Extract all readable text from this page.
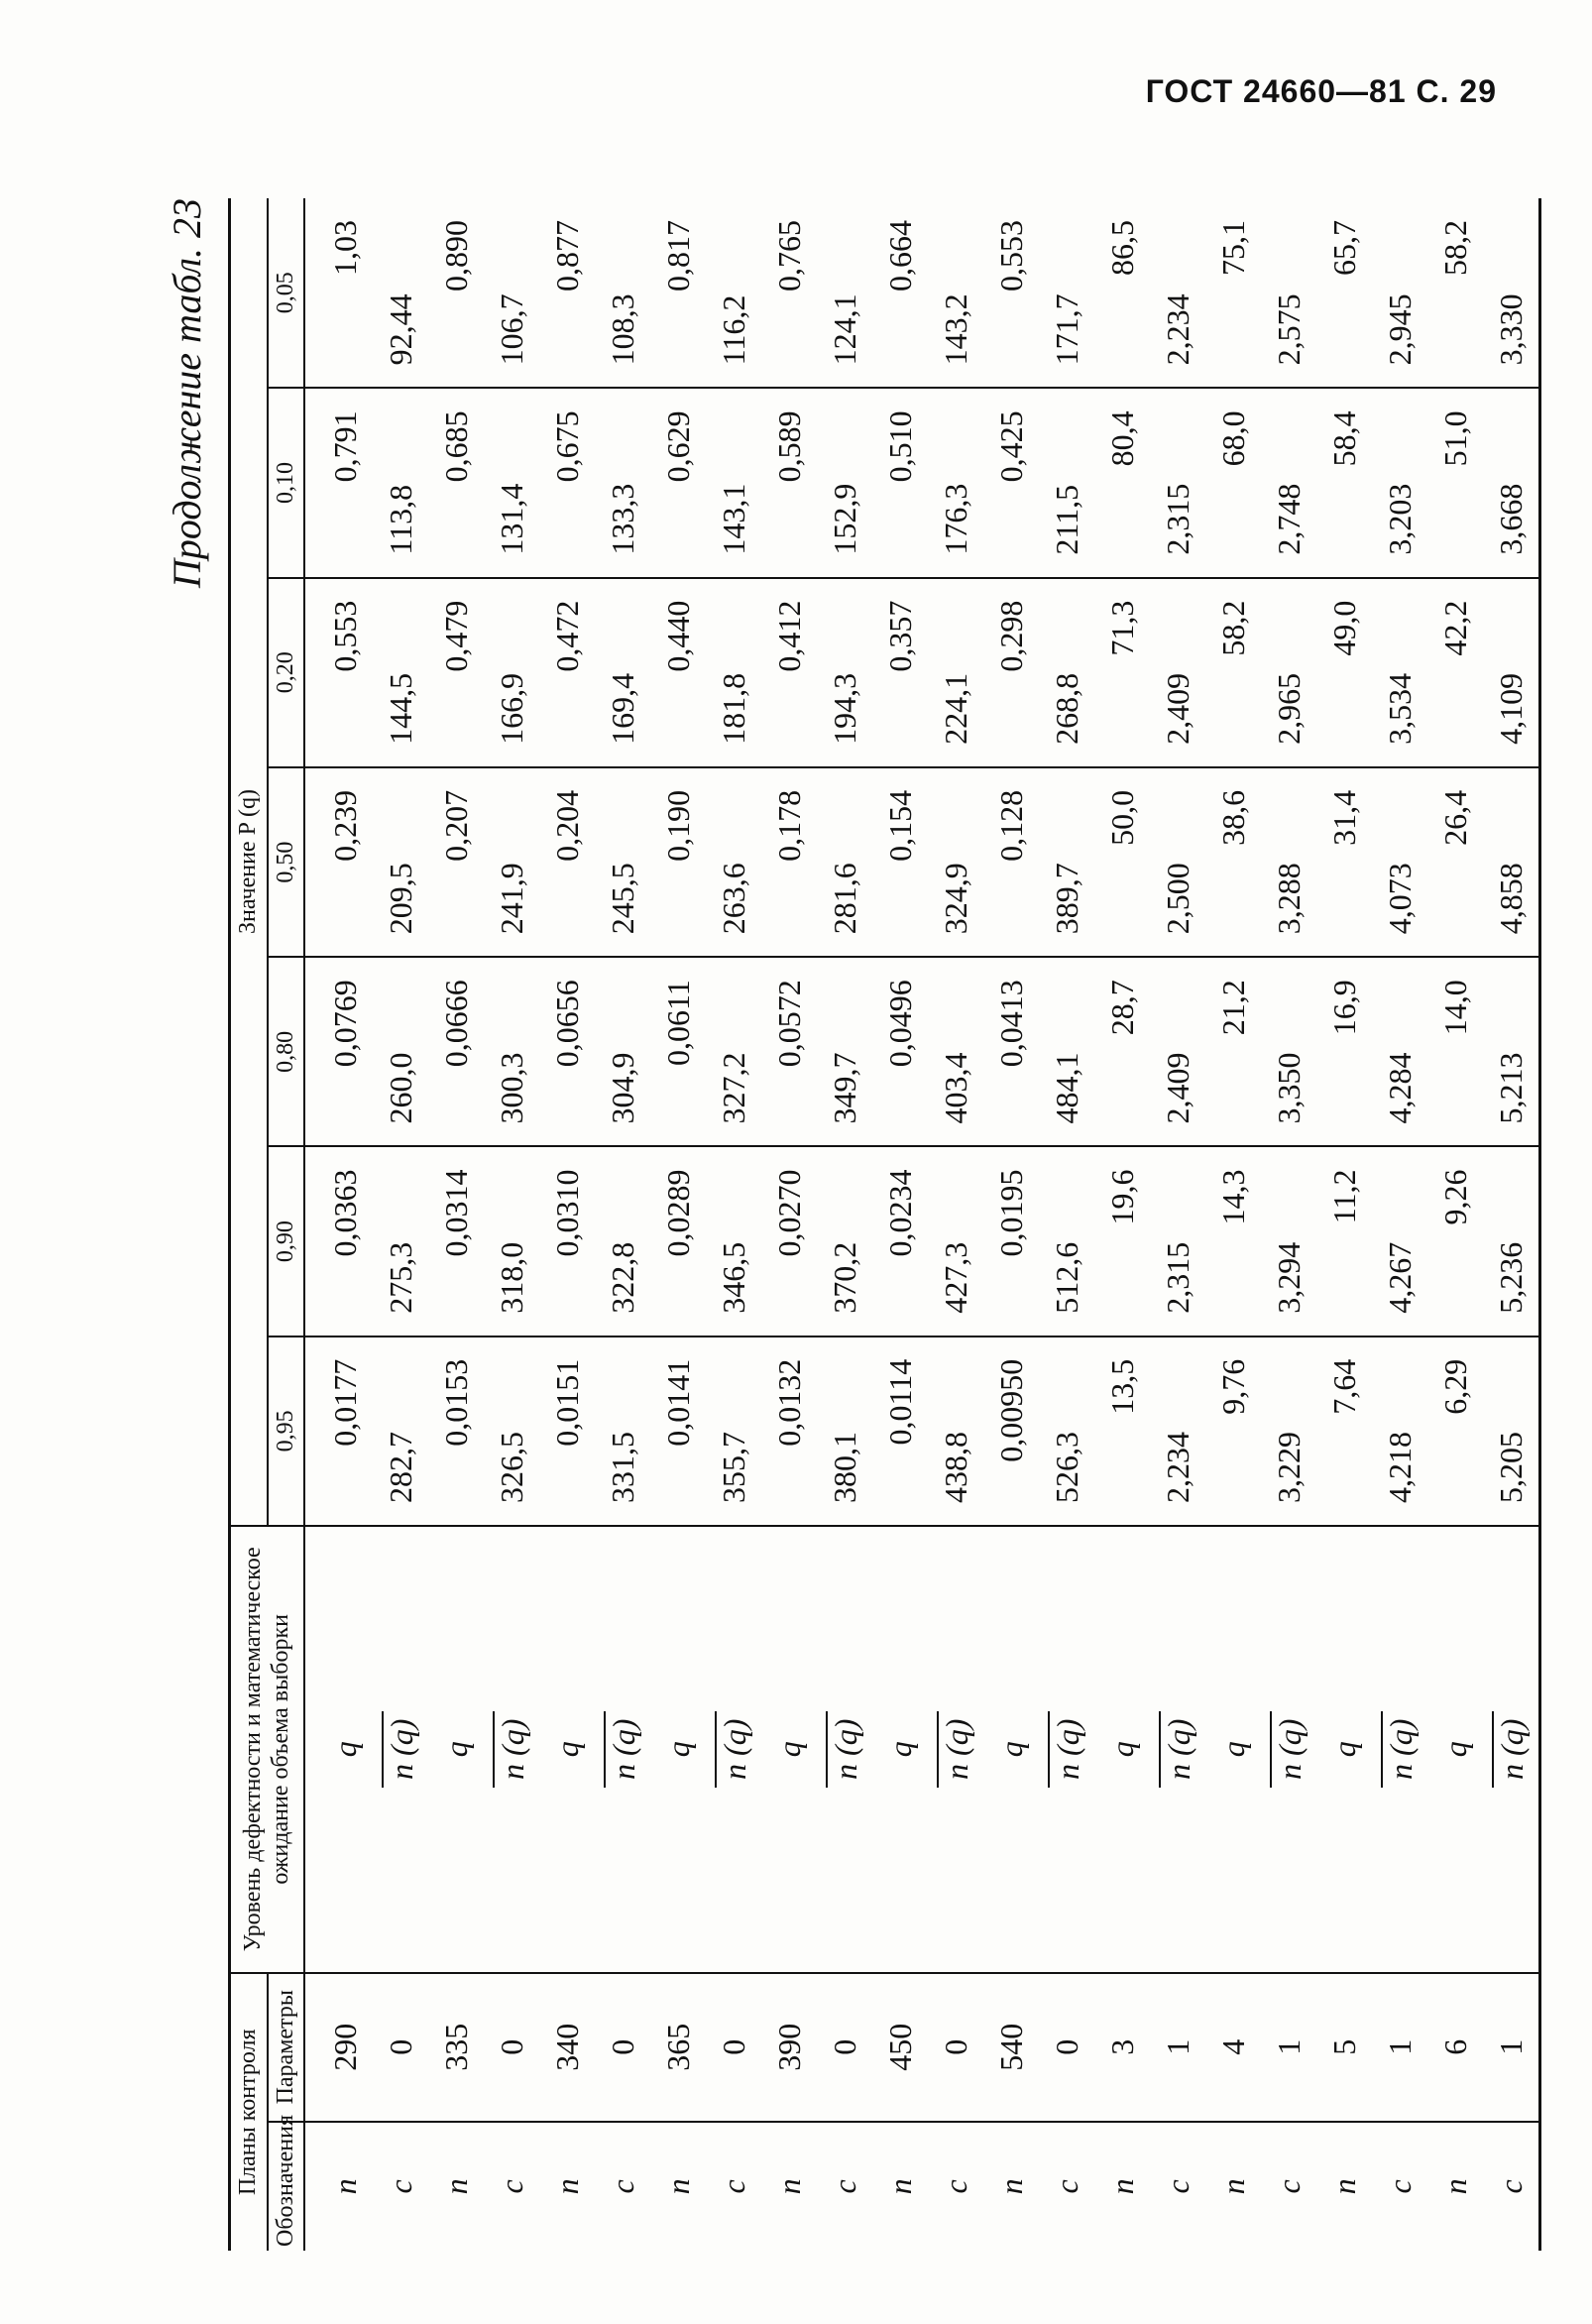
ГОСТ 24660—81 С. 29
Продолжение табл. 23
Планы контроля		Уровень дефектности и математическое ожидание объема выборки	Значение P (q)						
Обозначения	Параметры		0,95	0,90	0,80	0,50	0,20	0,10	0,05
n	290	q	0,0177	0,0363	0,0769	0,239	0,553	0,791	1,03
c	0	n (q)	282,7	275,3	260,0	209,5	144,5	113,8	92,44
n	335	q	0,0153	0,0314	0,0666	0,207	0,479	0,685	0,890
c	0	n (q)	326,5	318,0	300,3	241,9	166,9	131,4	106,7
n	340	q	0,0151	0,0310	0,0656	0,204	0,472	0,675	0,877
c	0	n (q)	331,5	322,8	304,9	245,5	169,4	133,3	108,3
n	365	q	0,0141	0,0289	0,0611	0,190	0,440	0,629	0,817
c	0	n (q)	355,7	346,5	327,2	263,6	181,8	143,1	116,2
n	390	q	0,0132	0,0270	0,0572	0,178	0,412	0,589	0,765
c	0	n (q)	380,1	370,2	349,7	281,6	194,3	152,9	124,1
n	450	q	0,0114	0,0234	0,0496	0,154	0,357	0,510	0,664
c	0	n (q)	438,8	427,3	403,4	324,9	224,1	176,3	143,2
n	540	q	0,00950	0,0195	0,0413	0,128	0,298	0,425	0,553
c	0	n (q)	526,3	512,6	484,1	389,7	268,8	211,5	171,7
n	3	q	13,5	19,6	28,7	50,0	71,3	80,4	86,5
c	1	n (q)	2,234	2,315	2,409	2,500	2,409	2,315	2,234
n	4	q	9,76	14,3	21,2	38,6	58,2	68,0	75,1
c	1	n (q)	3,229	3,294	3,350	3,288	2,965	2,748	2,575
n	5	q	7,64	11,2	16,9	31,4	49,0	58,4	65,7
c	1	n (q)	4,218	4,267	4,284	4,073	3,534	3,203	2,945
n	6	q	6,29	9,26	14,0	26,4	42,2	51,0	58,2
c	1	n (q)	5,205	5,236	5,213	4,858	4,109	3,668	3,330
